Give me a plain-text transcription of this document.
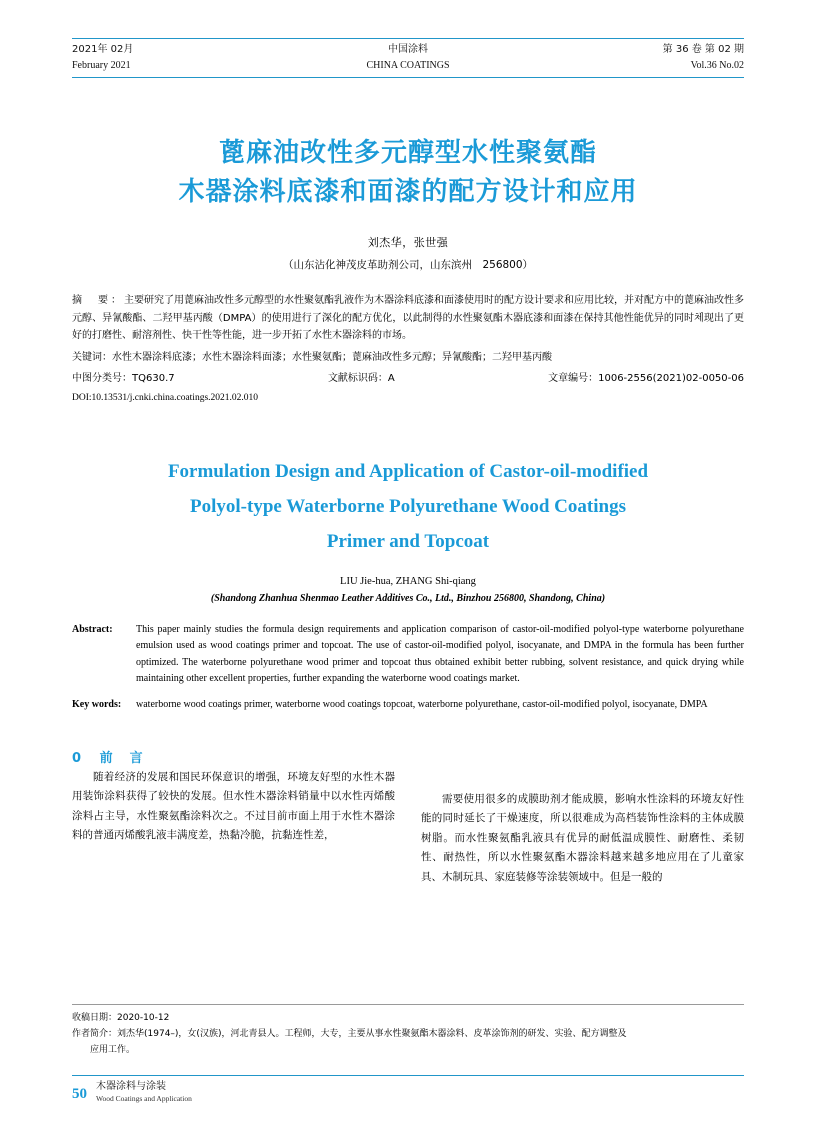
2021年 02月
February 2021
中国涂料
CHINA COATINGS
第 36 卷 第 02 期
Vol.36 No.02
蓖麻油改性多元醇型水性聚氨酯
木器涂料底漆和面漆的配方设计和应用
刘杰华，张世强
（山东沾化神茂皮革助剂公司，山东滨州　256800）
摘　要：主要研究了用蓖麻油改性多元醇型的水性聚氨酯乳液作为木器涂料底漆和面漆使用时的配方设计要求和应用比较，并对配方中的蓖麻油改性多元醇、异氰酸酯、二羟甲基丙酸（DMPA）的使用进行了深化的配方优化，以此制得的水性聚氨酯木器底漆和面漆在保持其他性能优异的同时체现出了更好的打磨性、耐溶剂性、快干性等性能，进一步开拓了水性木器涂料的市场。
关键词：水性木器涂料底漆；水性木器涂料面漆；水性聚氨酯；蓖麻油改性多元醇；异氰酸酯；二羟甲基丙酸
中图分类号：TQ630.7	文献标识码：A	文章编号：1006-2556(2021)02-0050-06
DOI:10.13531/j.cnki.china.coatings.2021.02.010
Formulation Design and Application of Castor-oil-modified
Polyol-type Waterborne Polyurethane Wood Coatings
Primer and Topcoat
LIU Jie-hua, ZHANG Shi-qiang
(Shandong Zhanhua Shenmao Leather Additives Co., Ltd., Binzhou 256800, Shandong, China)
Abstract:	This paper mainly studies the formula design requirements and application comparison of castor-oil-modified polyol-type waterborne polyurethane emulsion used as wood coatings primer and topcoat. The use of castor-oil-modified polyol, isocyanate, and DMPA in the formula has been further optimized. The waterborne polyurethane wood primer and topcoat thus obtained exhibit better rubbing, solvent resistance, and quick drying while maintaining other excellent properties, further expanding the waterborne wood coatings market.
Key words:	waterborne wood coatings primer, waterborne wood coatings topcoat, waterborne polyurethane, castor-oil-modified polyol, isocyanate, DMPA
0 前　言

随着经济的发展和国民环保意识的增强，环境友好型的水性木器用装饰涂料获得了较快的发展。但水性木器涂料销量中以水性丙烯酸涂料占主导，水性聚氨酯涂料次之。不过目前市面上用于水性木器涂料的普通丙烯酸乳液丰满度差，热黏冷脆，抗黏连性差，

需要使用很多的成膜助剂才能成膜，影响水性涂料的环境友好性能的同时延长了干燥速度，所以很难成为高档装饰性涂料的主体成膜树脂。而水性聚氨酯乳液具有优异的耐低温成膜性、耐磨性、柔韧性、耐热性，所以水性聚氨酯木器涂料越来越多地应用在了儿童家具、木制玩具、家庭装修等涂装领域中。但是一般的

收稿日期：2020-10-12
作者简介：刘杰华(1974–)，女(汉族)，河北青县人。工程师，大专，主要从事水性聚氨酯木器涂料、皮革涂饰剂的研发、实验、配方调整及
应用工作。
50 木器涂料与涂装
Wood Coatings and Application
